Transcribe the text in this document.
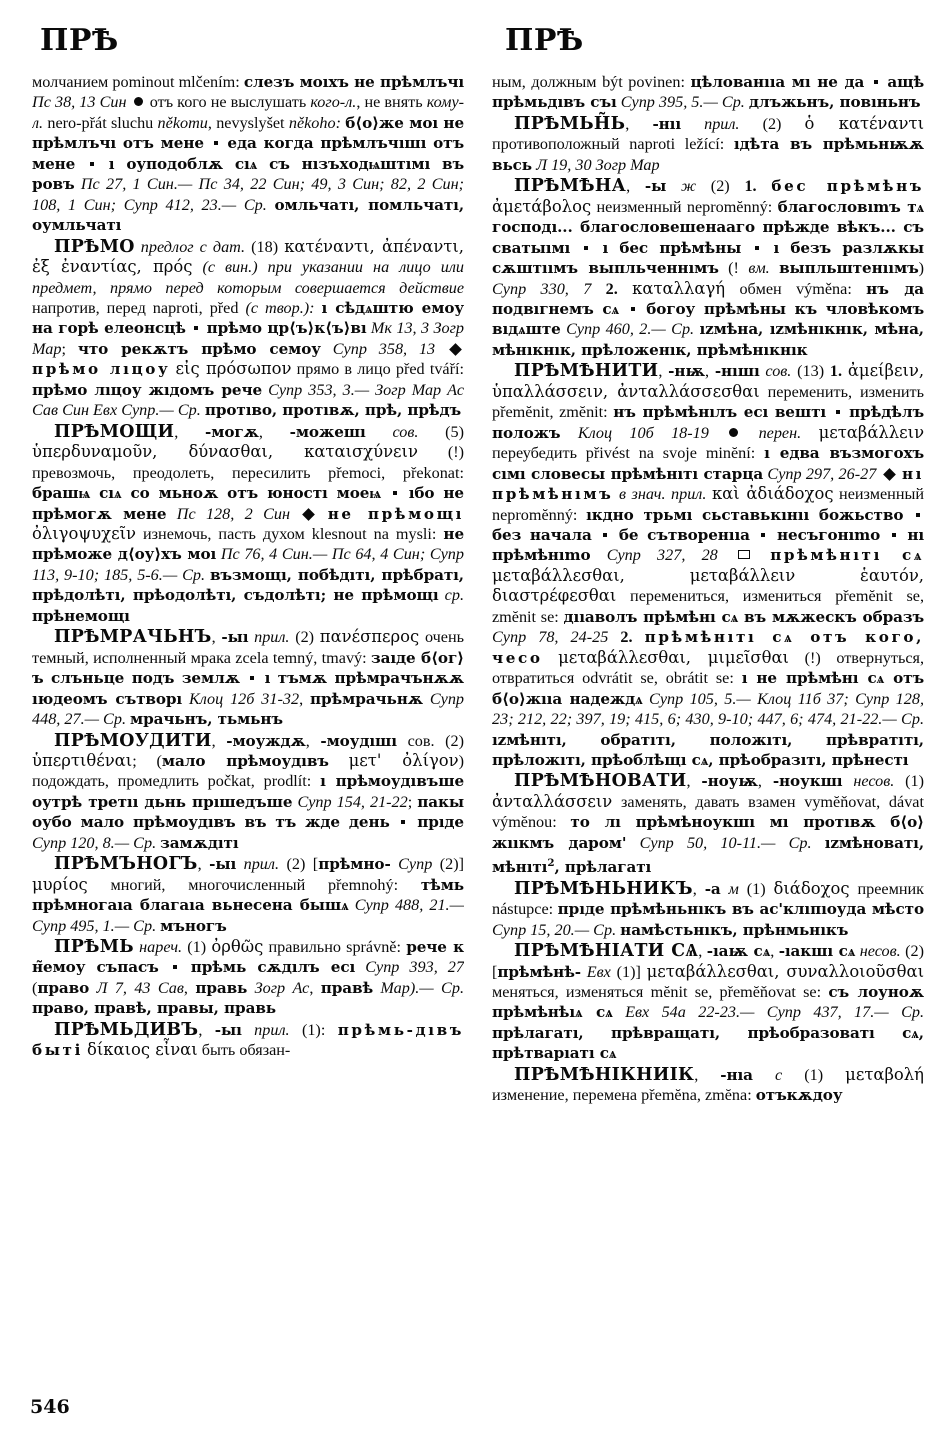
ПРѢ	ПРѢ
молчанием pominout mlčením: слезъ моıхъ не прѣмлъчı Пс 38, 13 Син отъ кого не выслушать кого-л., не внять кому-л. nero-přát sluchu někomu, nevyslyšet někoho: б⟨о⟩же моı не прѣмлъчı отъ мене еда когда прѣмлъчıшı отъ мене ı оуподоблѫ сıѧ съ нıзъходѩштıмı въ ровъ Пс 27, 1 Син.— Пс 34, 22 Син; 49, 3 Син; 82, 2 Син; 108, 1 Син; Супр 412, 23.— Ср. омльчатı, помльчатı, оумльчатı
ПРѢМО предлог с дат. (18) κατέναντι, ἀπέναντι, ἐξ ἐναντίας, πρός (с вин.) при указании на лицо или предмет, прямо перед которым совершается действие напротив, перед naproti, před (с твор.): ı сѣдѧштю емоу на горѣ елеонсцѣ прѣмо цр⟨ъ⟩к⟨ъ⟩вı Мк 13, 3 Зогр Мар; что рекѫтъ прѣмо семоу Супр 358, 13  прѣмо лıцоу εἰς πρόσωπον прямо в лицо před tváří: прѣмо лıцоу жıдомъ рече Супр 353, 3.— Зогр Мар Ас Сав Син Евх Супр.— Ср. протıво, протıвѫ, прѣ, прѣдъ
ПРѢМОЩИ, -могѫ, -можешı сов. (5) ὑπερδυναμοῦν, δύνασθαι, καταισχύνειν (!) превозмочь, преодолеть, пересилить přemoci, překonat: брашѩ сıѧ со мьноѫ отъ юностı моеѩ ıбо не прѣмогѫ мене Пс 128, 2 Син не прѣмощı ὀλιγοψυχεῖν изнемочь, пасть духом klesnout na mysli: не прѣможе д⟨оу⟩хъ моı Пс 76, 4 Син.— Пс 64, 4 Син; Супр 113, 9-10; 185, 5-6.— Ср. възмощı, побѣдıтı, прѣбратı, прѣдолѣтı, прѣодолѣтı, съдолѣтı; не прѣмощı ср. прѣнемощı
ПРѢМРАЧЬНЪ, -ыı прил. (2) πανέσπερος очень темный, исполненный мрака zcela temný, tmavý: заıде б⟨ог⟩ъ слъньце подъ землѫ ı тъмѫ прѣмрачънѫѫ ıюдеомъ сътворı Клоц 12б 31-32, прѣмрачьнѫ Супр 448, 27.— Ср. мрачьнъ, тьмьнъ
ПРѢМОУДИТИ, -моуждѫ, -моудıшı сов. (2) ὑπερτιθέναι; (мало прѣмоудıвъ μετ' ὀλίγον) подождать, промедлить počkat, prodlít: ı прѣмоудıвъше оутрѣ третıı дьнь прıшедъше Супр 154, 21-22; пакы оубо мало прѣмоудıвъ въ тъ жде день прıде Супр 120, 8.— Ср. замѫдıтı
ПРѢМЪНОГЪ, -ыı прил. (2) [прѣмно- Супр (2)] μυρίος многий, многочисленный přemnohý: тѣмь прѣмногаıа благаıа вьнесена бышѧ Супр 488, 21.— Супр 495, 1.— Ср. мъногъ
ПРѢМЬ нареч. (1) ὀρθῶς правильно správně: рече к н̃емоу съпасъ прѣмь сѫдıлъ есı Супр 393, 27 (право Л 7, 43 Сав, правь Зогр Ас, правѣ Мар).— Ср. право, правѣ, правы, правь
ПРѢМЬДИВЪ, -ыı прил. (1): прѣмь-дıвъ быті δίκαιος εἶναι быть обязан-
ным, должным být povinen: цѣлованııа мı не да ащѣ прѣмьдıвъ съı Супр 395, 5.— Ср. длъжьнъ, повıньнъ
ПРѢМЬН̃Ь, -нıı прил. (2) ὁ κατέναντι противоположный naproti ležící: ıдѣта въ прѣмьнѭѫ вьсь Л 19, 30 Зогр Мар
ПРѢМѢНА, -ы ж (2) 1. бес прѣмѣнъ ἀμετάβολος неизменный nepromĕnný: благословımъ тѧ господı... благословешенааго прѣжде вѣкъ... съ сватыıмı ı бес прѣмѣны ı безъ разлѫкы сѫштııмъ выпльченнıмъ (! вм. выпльштенııмъ) Супр 330, 7 2. καταλλαγή обмен výměna: нъ да подвıгнемъ сѧ богоу прѣмѣны къ чловѣкомъ вıдѧште Супр 460, 2.— Ср. ızмѣна, ızмѣнıкнıк, мѣна, мѣнıкнıк, прѣложенıк, прѣмѣнıкнıк
ПРѢМѢНИТИ, -нѭ, -нıшı сов. (13) 1. ἀμείβειν, ὑπαλλάσσειν, ἀνταλλάσσεσθαι переменить, изменить přemĕnit, zmĕnit: нъ прѣмѣнıлъ есı вештı прѣдѣлъ положъ Клоц 10б 18-19	перен. μεταβάλλειν переубедить přivést na svoje minĕní: ı едва възмогохъ сıмı словесы прѣмѣнıтı старца Супр 297, 26-27 нı прѣмѣнıмъ в знач. прил. καὶ ἀδιάδοχος неизменный nepromĕnný: ıкдно трьмı сьставькıнıı божьство  без начала бе сътворенııа несъгонımо нı прѣмѣнımо Супр 327, 28	прѣмѣнıтı сѧ μεταβάλλεσθαι, μεταβάλλειν ἑαυτόν, διαστρέφεσθαι перемениться, измениться přemĕnit se, zmĕnit se: дııаволъ прѣмѣнı сѧ въ мѫжескъ образъ Супр 78, 24-25 2. прѣмѣнıтı сѧ отъ кого, чесо μεταβάλλεσθαι, μιμεῖσθαι (!) отвернуться, отвратиться odvrátit se, obrátit se: ı не прѣмѣнı сѧ отъ б⟨о⟩жııа надеждѧ Супр 105, 5.— Клоц 11б 37; Супр 128, 23; 212, 22; 397, 19; 415, 6; 430, 9-10; 447, 6; 474, 21-22.— Ср. ızмѣнıтı, обратıтı, положıтı, прѣвратıтı, прѣложıтı, прѣоблѣщı сѧ, прѣобразıтı, прѣнестı
ПРѢМѢНОВАТИ, -ноуѭ, -ноукшı несов. (1) ἀνταλλάσσειν заменять, давать взамен vymĕňovat, dávat výmĕnou: то лı прѣмѣноукшı мı протıвѫ б⟨о⟩жııкмъ даром' Супр 50, 10-11.— Ср. ızмѣноватı, мѣнıтı$^2$, прѣлагатı
ПРѢМѢНЬНИКЪ, -а м (1) διάδοχος преемник nástupce: прıде прѣмѣньнıкъ въ ас'клıпıоуда мѣсто Супр 15, 20.— Ср. намѣстьнıкъ, прѣнмьнıкъ
ПРѢМѢНІАТИ СѦ, -ıаѭ сѧ, -ıакшı сѧ несов. (2) [прѣмѣнѣ- Евх (1)] μεταβάλλεσθαι, συναλλοιοῦσθαι меняться, изменяться mĕnit se, přemĕňovat se: съ лоуноѫ прѣмѣнѣıѧ сѧ Евх 54а 22-23.— Супр 437, 17.— Ср. прѣлагатı, прѣвращатı, прѣобразоватı сѧ, прѣтварıатı сѧ
ПРѢМѢНІКНИІК, -нıа с (1) μεταβολή изменение, перемена přemĕna, zmĕna: отъкѫдоу
546
